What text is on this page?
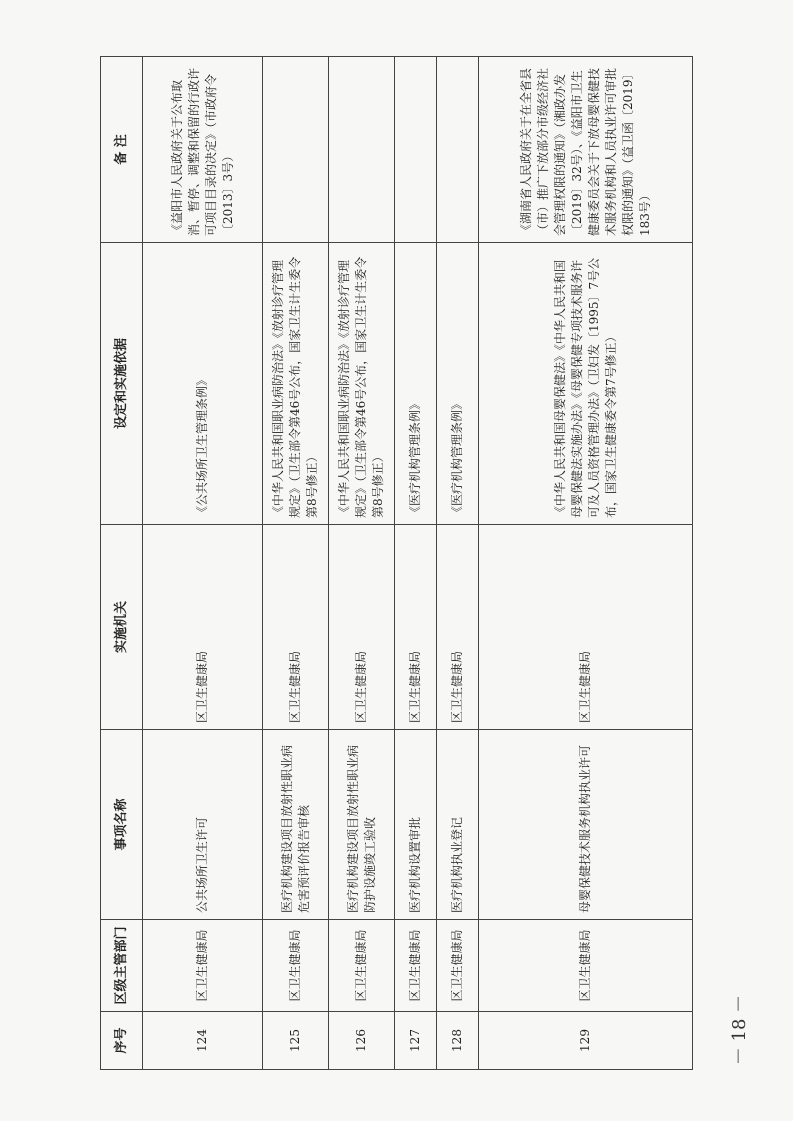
序号	区级主管部门	事项名称	实施机关	设定和实施依据	备 注
124	区卫生健康局	公共场所卫生许可	区卫生健康局	《公共场所卫生管理条例》	《益阳市人民政府关于公布取消、暂停、调整和保留的行政许可项目目录的决定》（市政府令〔2013〕3号）
125	区卫生健康局	医疗机构建设项目放射性职业病危害预评价报告审核	区卫生健康局	《中华人民共和国职业病防治法》《放射诊疗管理规定》（卫生部令第46号公布，国家卫生计生委令第8号修正）	
126	区卫生健康局	医疗机构建设项目放射性职业病防护设施竣工验收	区卫生健康局	《中华人民共和国职业病防治法》《放射诊疗管理规定》（卫生部令第46号公布，国家卫生计生委令第8号修正）	
127	区卫生健康局	医疗机构设置审批	区卫生健康局	《医疗机构管理条例》	
128	区卫生健康局	医疗机构执业登记	区卫生健康局	《医疗机构管理条例》	
129	区卫生健康局	母婴保健技术服务机构执业许可	区卫生健康局	《中华人民共和国母婴保健法》《中华人民共和国母婴保健法实施办法》《母婴保健专项技术服务许可及人员资格管理办法》（卫妇发〔1995〕7号公布，国家卫生健康委令第7号修正）	《湖南省人民政府关于在全省县（市）推广下放部分市级经济社会管理权限的通知》（湘政办发〔2019〕32号）、《益阳市卫生健康委员会关于下放母婴保健技术服务机构和人员执业许可审批权限的通知》（益卫函〔2019〕183号）
－ 18 －
